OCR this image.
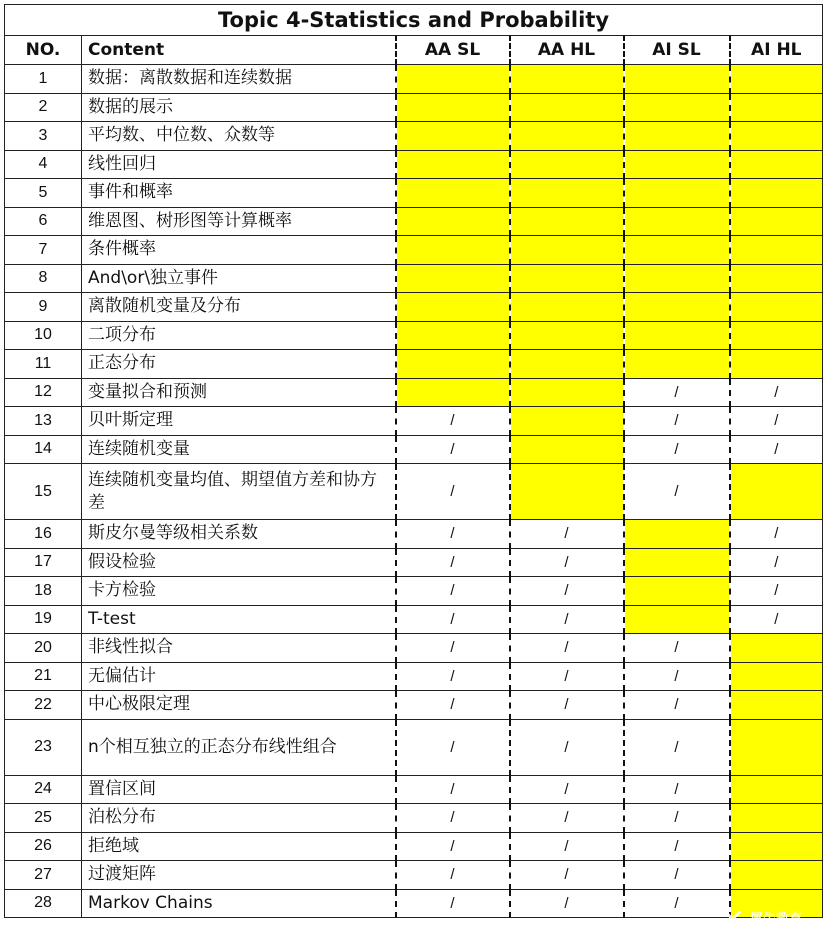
Topic 4-Statistics and Probability					
NO.	Content	AA SL	AA HL	AI SL	AI HL
1	数据：离散数据和连续数据				
2	数据的展示				
3	平均数、中位数、众数等				
4	线性回归				
5	事件和概率				
6	维恩图、树形图等计算概率				
7	条件概率				
8	And\or\独立事件				
9	离散随机变量及分布				
10	二项分布				
11	正态分布				
12	变量拟合和预测			/	/
13	贝叶斯定理	/		/	/
14	连续随机变量	/		/	/
15	连续随机变量均值、期望值方差和协方差	/		/	
16	斯皮尔曼等级相关系数	/	/		/
17	假设检验	/	/		/
18	卡方检验	/	/		/
19	T-test	/	/		/
20	非线性拟合	/	/	/	
21	无偏估计	/	/	/	
22	中心极限定理	/	/	/	
23	n个相互独立的正态分布线性组合	/	/	/	
24	置信区间	/	/	/	
25	泊松分布	/	/	/	
26	拒绝域	/	/	/	
27	过渡矩阵	/	/	/	
28	Markov Chains	/	/	/	✕ 犀牛教育
X-NEW
